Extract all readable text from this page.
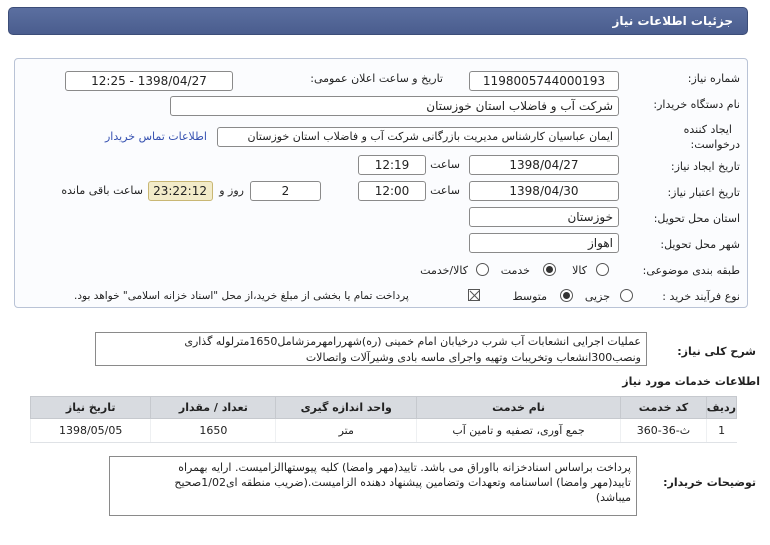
جزئیات اطلاعات نیاز
شماره نیاز:
1198005744000193
تاریخ و ساعت اعلان عمومی:
1398/04/27 - 12:25
نام دستگاه خریدار:
شرکت آب و فاضلاب استان خوزستان
ایجاد کننده
درخواست:
ایمان عباسیان کارشناس مدیریت بازرگانی شرکت آب و فاضلاب استان خوزستان
اطلاعات تماس خریدار
تاریخ ایجاد نیاز:
1398/04/27
ساعت
12:19
تاریخ اعتبار نیاز:
1398/04/30
ساعت
12:00
2
روز و
23:22:12
ساعت باقی مانده
استان محل تحویل:
خوزستان
شهر محل تحویل:
اهواز
طبقه بندی موضوعی:
کالا
خدمت
کالا/خدمت
نوع فرآیند خرید :
جزیی
متوسط
پرداخت تمام یا بخشی از مبلغ خرید،از محل "اسناد خزانه اسلامی" خواهد بود.
شرح کلی نیاز:
عملیات اجرایی انشعابات آب شرب درخیابان امام خمینی (ره)شهررامهرمزشامل1650مترلوله گذاری
ونصب300انشعاب وتخریبات وتهیه واجرای ماسه بادی وشیرآلات واتصالات
اطلاعات خدمات مورد نیاز
ردیف	کد خدمت	نام خدمت	واحد اندازه گیری	تعداد / مقدار	تاریخ نیاز
1	ث-36-360	جمع آوری، تصفیه و تامین آب	متر	1650	1398/05/05
توضیحات خریدار:
پرداخت براساس اسنادخزانه بااوراق می باشد. تایید(مهر وامضا) کلیه پیوستهاالزامیست. ارایه بهمراه
تایید(مهر وامضا) اساسنامه وتعهدات وتضامین پیشنهاد دهنده الزامیست.(ضریب منطقه ای1/02صحیح
میباشد)
